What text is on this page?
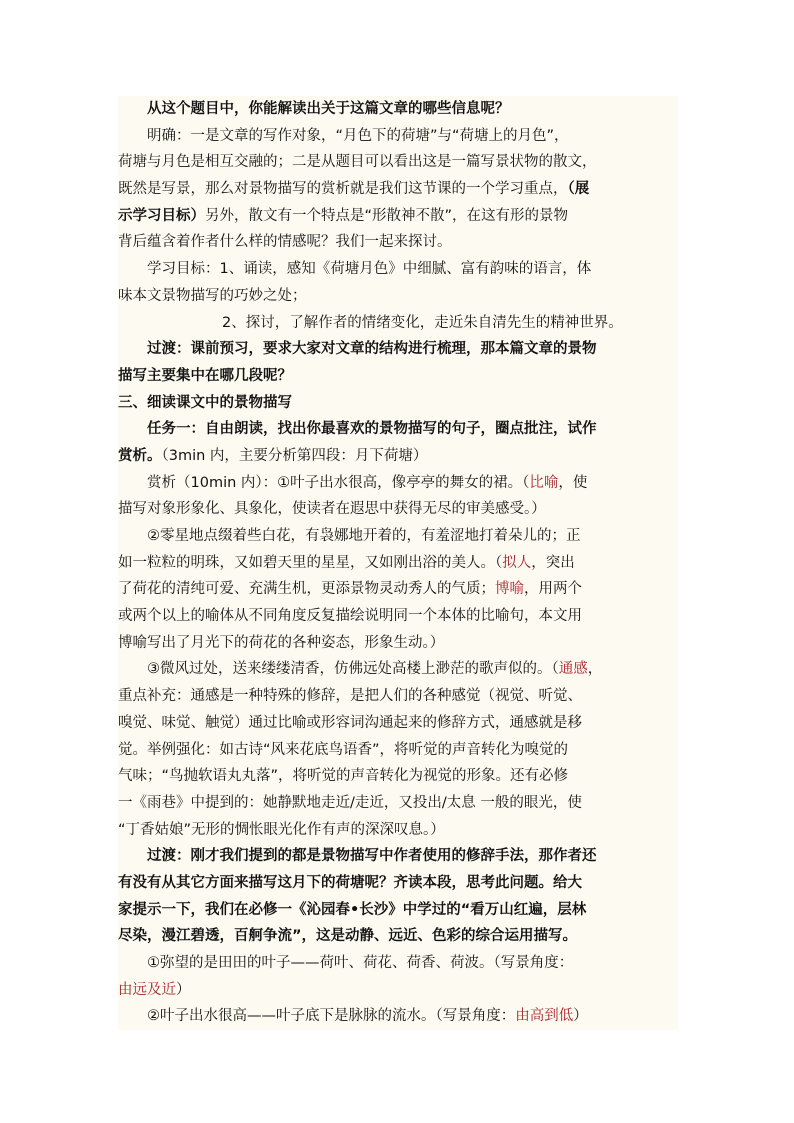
从这个题目中，你能解读出关于这篇文章的哪些信息呢？
明确：一是文章的写作对象，“月色下的荷塘”与“荷塘上的月色”，
荷塘与月色是相互交融的；二是从题目可以看出这是一篇写景状物的散文，
既然是写景，那么对景物描写的赏析就是我们这节课的一个学习重点，（展
示学习目标）另外，散文有一个特点是“形散神不散”，在这有形的景物
背后蕴含着作者什么样的情感呢？我们一起来探讨。
学习目标：1、诵读，感知《荷塘月色》中细腻、富有韵味的语言，体
味本文景物描写的巧妙之处；
2、探讨，了解作者的情绪变化，走近朱自清先生的精神世界。
过渡：课前预习，要求大家对文章的结构进行梳理，那本篇文章的景物
描写主要集中在哪几段呢？
三、细读课文中的景物描写
任务一：自由朗读，找出你最喜欢的景物描写的句子，圈点批注，试作
赏析。（3min 内，主要分析第四段：月下荷塘）
赏析（10min 内）：①叶子出水很高，像亭亭的舞女的裙。（比喻，使
描写对象形象化、具象化，使读者在遐思中获得无尽的审美感受。）
②零星地点缀着些白花，有袅娜地开着的，有羞涩地打着朵儿的；正
如一粒粒的明珠，又如碧天里的星星，又如刚出浴的美人。（拟人，突出
了荷花的清纯可爱、充满生机，更添景物灵动秀人的气质；博喻，用两个
或两个以上的喻体从不同角度反复描绘说明同一个本体的比喻句，本文用
博喻写出了月光下的荷花的各种姿态，形象生动。）
③微风过处，送来缕缕清香，仿佛远处高楼上渺茫的歌声似的。（通感，
重点补充：通感是一种特殊的修辞，是把人们的各种感觉（视觉、听觉、
嗅觉、味觉、触觉）通过比喻或形容词沟通起来的修辞方式，通感就是移
觉。举例强化：如古诗“风来花底鸟语香”，将听觉的声音转化为嗅觉的
气味；“鸟抛软语丸丸落”，将听觉的声音转化为视觉的形象。还有必修
一《雨巷》中提到的：她静默地走近/走近，又投出/太息 一般的眼光，使
“丁香姑娘”无形的惆怅眼光化作有声的深深叹息。）
过渡：刚才我们提到的都是景物描写中作者使用的修辞手法，那作者还
有没有从其它方面来描写这月下的荷塘呢？齐读本段，思考此问题。给大
家提示一下，我们在必修一《沁园春•长沙》中学过的“看万山红遍，层林
尽染，漫江碧透，百舸争流”，这是动静、远近、色彩的综合运用描写。
①弥望的是田田的叶子——荷叶、荷花、荷香、荷波。（写景角度：
由远及近）
②叶子出水很高——叶子底下是脉脉的流水。（写景角度：由高到低）
